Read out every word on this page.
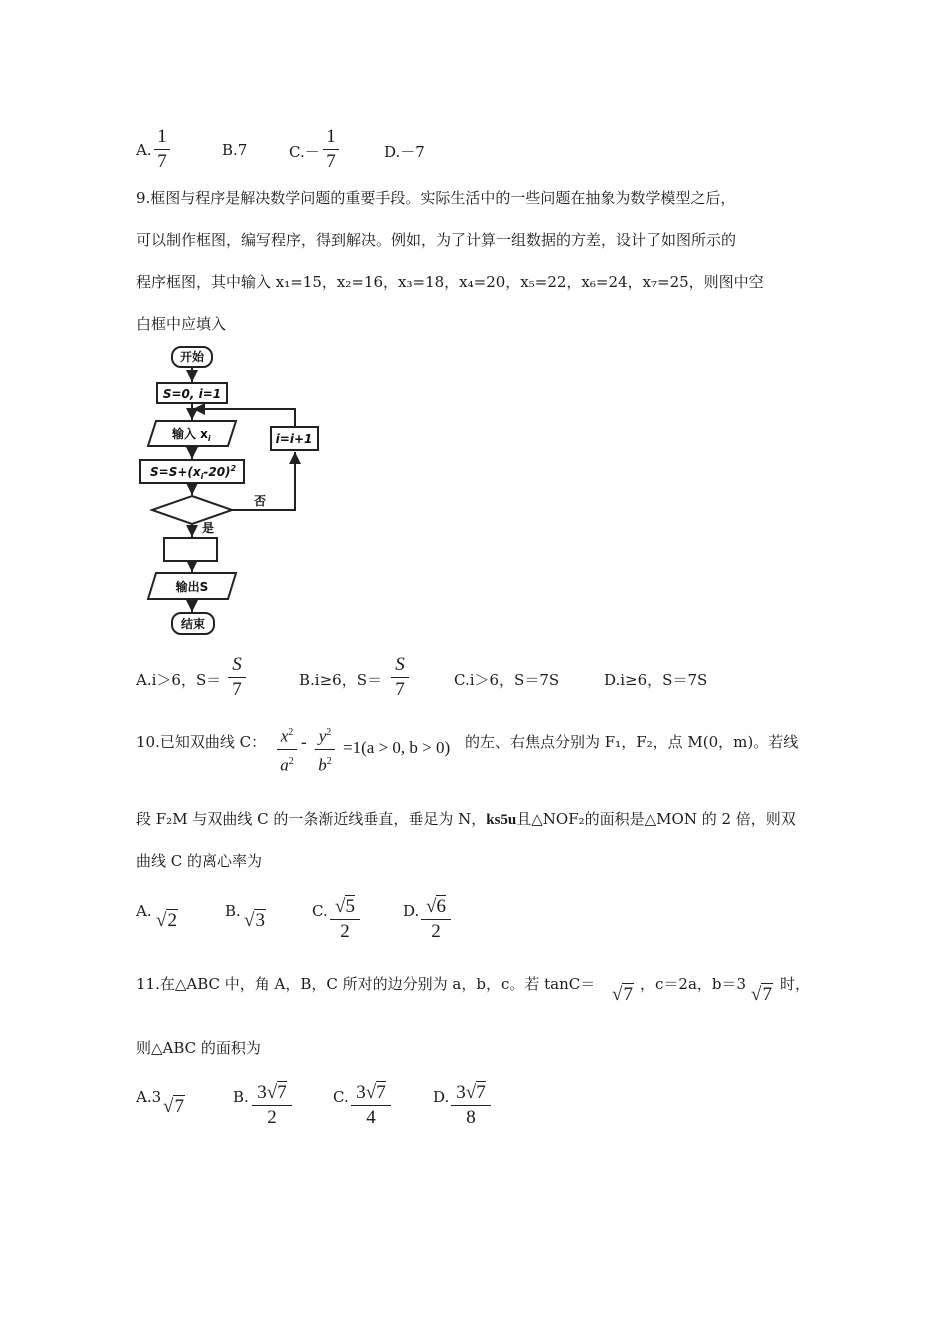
A.
1
7
B.7	C.－
1
7	D.－7
9.框图与程序是解决数学问题的重要手段。实际生活中的一些问题在抽象为数学模型之后，
可以制作框图，编写程序，得到解决。例如，为了计算一组数据的方差，设计了如图所示的
程序框图，其中输入 x₁=15，x₂=16，x₃=18，x₄=20，x₅=22，x₆=24，x₇=25，则图中空
白框中应填入
开始
S=0, i=1
输入 $x_i$
$S=S+(x_i-20)^2$
i=i+1
否
是
输出S
结束
A.i＞6，S＝
S
7	B.i≥6，S＝
S
7	C.i＞6，S＝7S	D.i≥6，S＝7S
10.已知双曲线 C： $x^2$
$a^2$
- $y^2$
$b^2$
=1(a > 0, b > 0) 的左、右焦点分别为 F₁，F₂，点 M(0，m)。若线
段 F₂M 与双曲线 C 的一条渐近线垂直，垂足为 N，ks5u且△NOF₂的面积是△MON 的 2 倍，则双
曲线 C 的离心率为
A. √2	B. √3	C. √5
2
D. √6
2
11.在△ABC 中，角 A，B，C 所对的边分别为 a，b，c。若 tanC＝ √7 ，c＝2a，b＝3 √7 时，
则△ABC 的面积为
A.3 √7	B. 3√7
2
C. 3√7
4
D. 3√7
8
